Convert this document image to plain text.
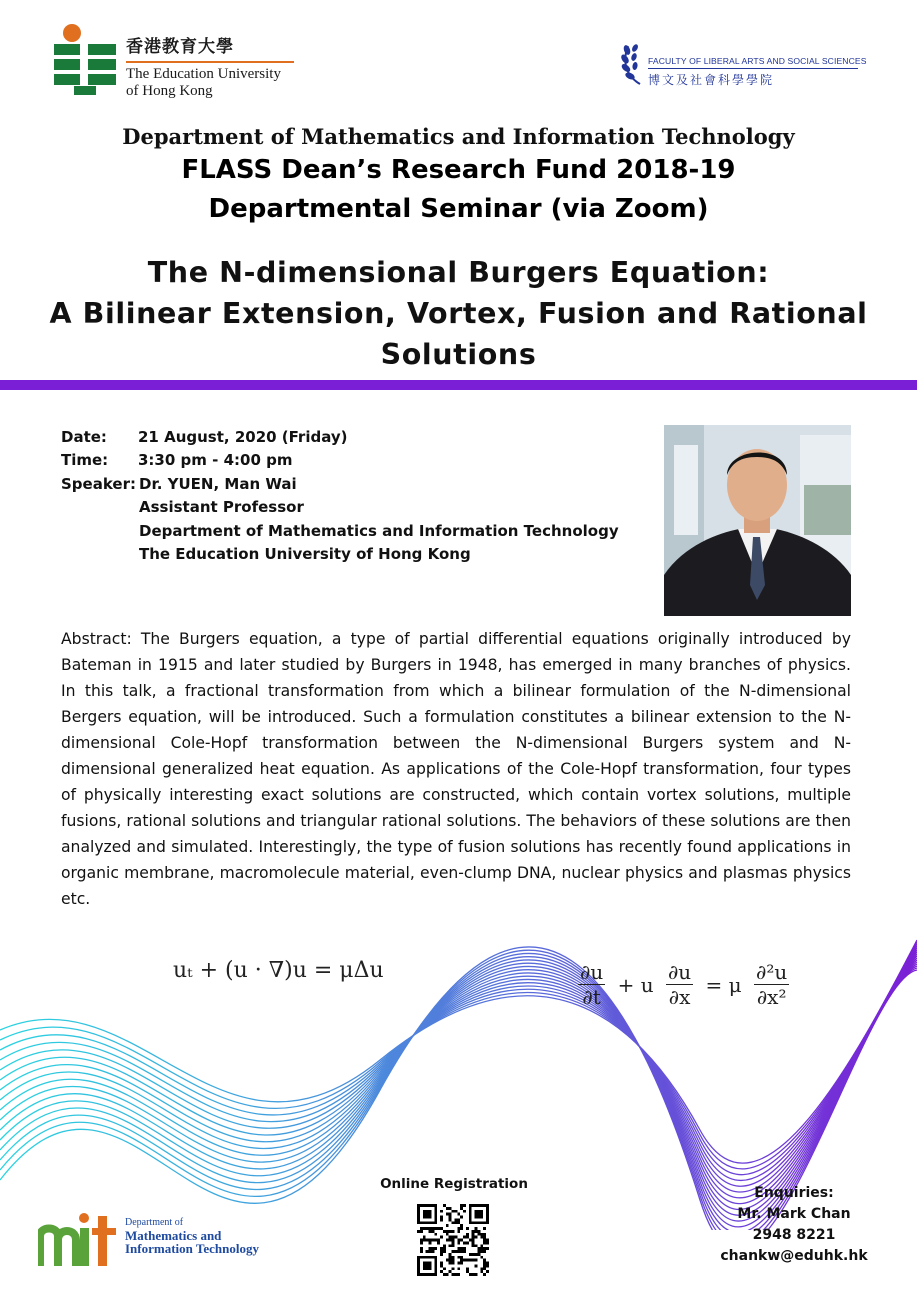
香港教育大學
The Education University
of Hong Kong
FACULTY OF LIBERAL ARTS AND SOCIAL SCIENCES
博文及社會科學學院
Department of Mathematics and Information Technology
FLASS Dean’s Research Fund 2018-19
Departmental Seminar (via Zoom)
The N-dimensional Burgers Equation:
A Bilinear Extension, Vortex, Fusion and Rational
Solutions
Date: 21 August, 2020 (Friday)
Time: 3:30 pm - 4:00 pm
Speaker: Dr. YUEN, Man Wai
Assistant Professor
Department of Mathematics and Information Technology
The Education University of Hong Kong
Abstract: The Burgers equation, a type of partial differential equations originally introduced by Bateman in 1915 and later studied by Burgers in 1948, has emerged in many branches of physics. In this talk, a fractional transformation from which a bilinear formulation of the N-dimensional Bergers equation, will be introduced. Such a formulation constitutes a bilinear extension to the N-dimensional Cole-Hopf transformation between the N-dimensional Burgers system and N-dimensional generalized heat equation. As applications of the Cole-Hopf transformation, four types of physically interesting exact solutions are constructed, which contain vortex solutions, multiple fusions, rational solutions and triangular rational solutions. The behaviors of these solutions are then analyzed and simulated. Interestingly, the type of fusion solutions has recently found applications in organic membrane, macromolecule material, even-clump DNA, nuclear physics and plasmas physics etc.
uₜ + (u · ∇)u = μΔu	$\frac{\partial u}{\partial t} + u \frac{\partial u}{\partial x} = \mu \frac{\text{∂²u}}{\text{∂x²}}$
Department of
Mathematics and
Information Technology
Online Registration
Enquiries:
Mr. Mark Chan
2948 8221
chankw@eduhk.hk
